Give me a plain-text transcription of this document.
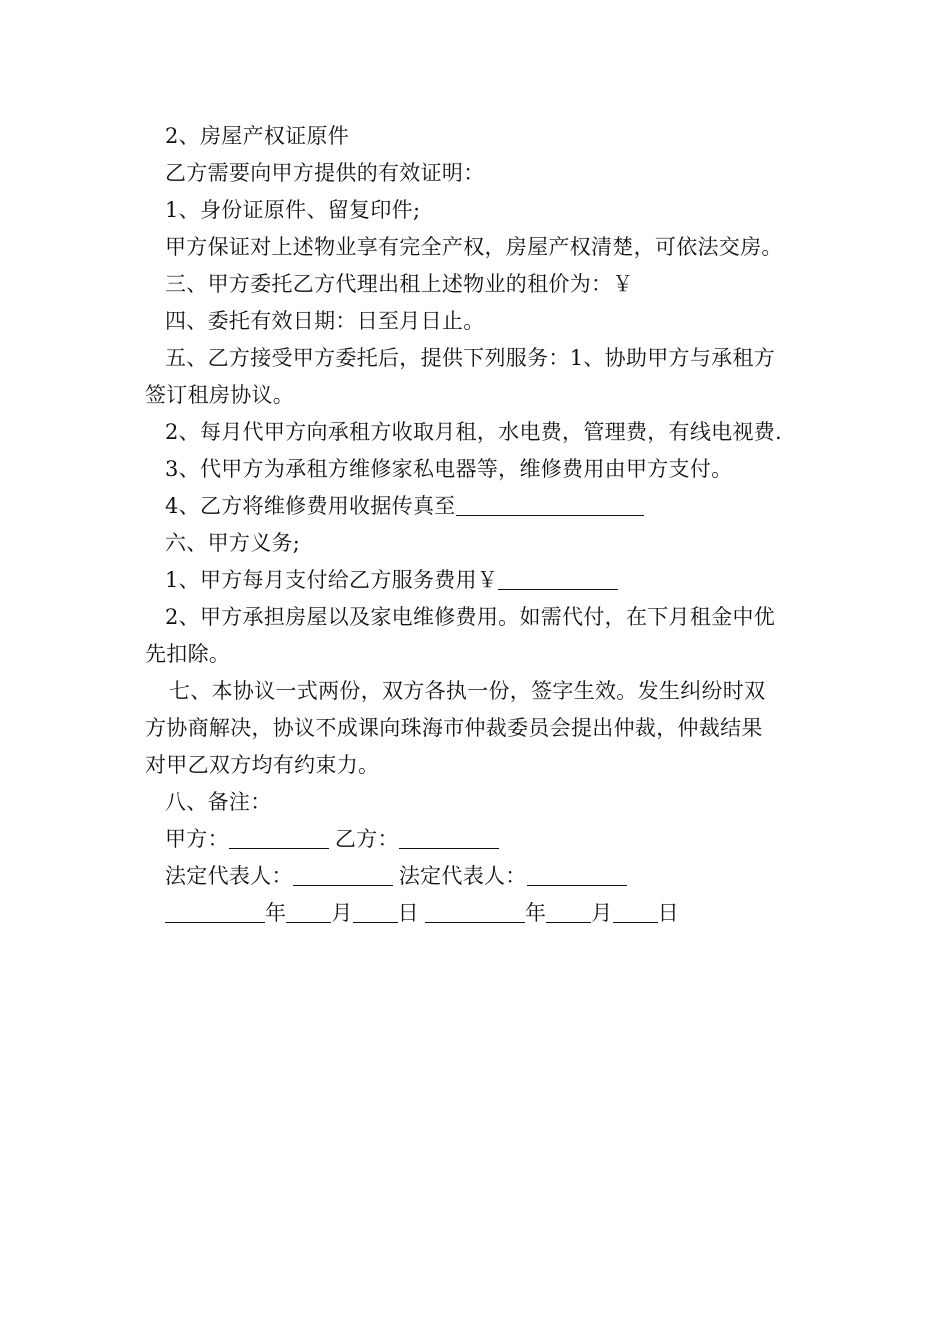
2、房屋产权证原件
乙方需要向甲方提供的有效证明：
1、身份证原件、留复印件;
甲方保证对上述物业享有完全产权，房屋产权清楚，可依法交房。
三、甲方委托乙方代理出租上述物业的租价为：￥
四、委托有效日期：日至月日止。
五、乙方接受甲方委托后，提供下列服务：1、协助甲方与承租方
签订租房协议。
2、每月代甲方向承租方收取月租，水电费，管理费，有线电视费.
3、代甲方为承租方维修家私电器等，维修费用由甲方支付。
4、乙方将维修费用收据传真至
六、甲方义务;
1、甲方每月支付给乙方服务费用￥
2、甲方承担房屋以及家电维修费用。如需代付，在下月租金中优
先扣除。
七、本协议一式两份，双方各执一份，签字生效。发生纠纷时双
方协商解决，协议不成课向珠海市仲裁委员会提出仲裁，仲裁结果
对甲乙双方均有约束力。
八、备注：
甲方：	乙方：
法定代表人：	法定代表人：
年 月 日	年 月 日
